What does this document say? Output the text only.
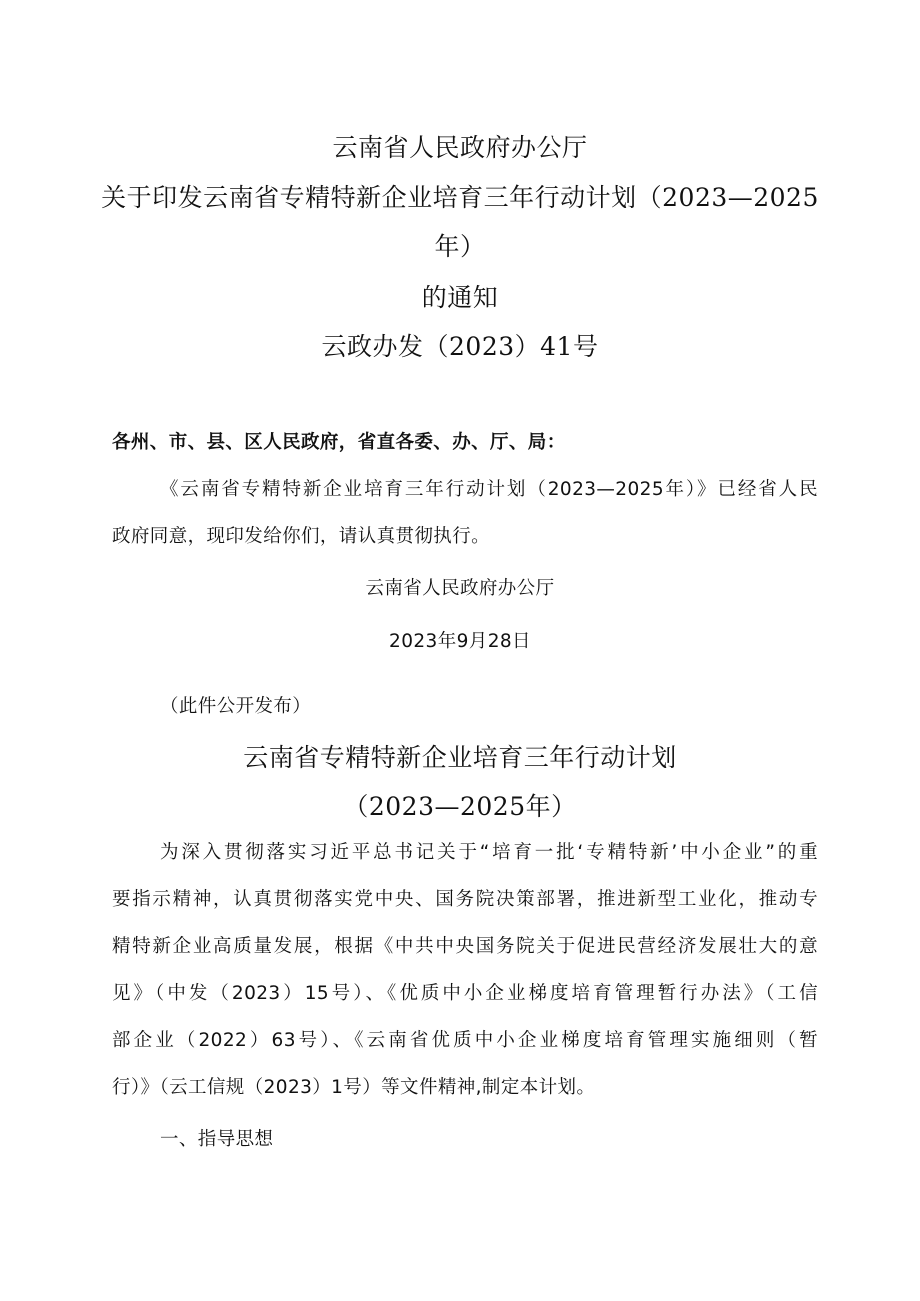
云南省人民政府办公厅

关于印发云南省专精特新企业培育三年行动计划（2023—2025

年）

的通知

云政办发（2023）41号

各州、市、县、区人民政府，省直各委、办、厅、局：

《云南省专精特新企业培育三年行动计划（2023—2025年）》已经省人民

政府同意，现印发给你们，请认真贯彻执行。

云南省人民政府办公厅

2023年9月28日

（此件公开发布）

云南省专精特新企业培育三年行动计划

（2023—2025年）

为深入贯彻落实习近平总书记关于“培育一批‘专精特新’中小企业”的重

要指示精神，认真贯彻落实党中央、国务院决策部署，推进新型工业化，推动专

精特新企业高质量发展，根据《中共中央国务院关于促进民营经济发展壮大的意

见》（中发（2023）15号）、《优质中小企业梯度培育管理暂行办法》（工信

部企业（2022）63号）、《云南省优质中小企业梯度培育管理实施细则（暂

行）》（云工信规（2023）1号）等文件精神,制定本计划。

一、指导思想
